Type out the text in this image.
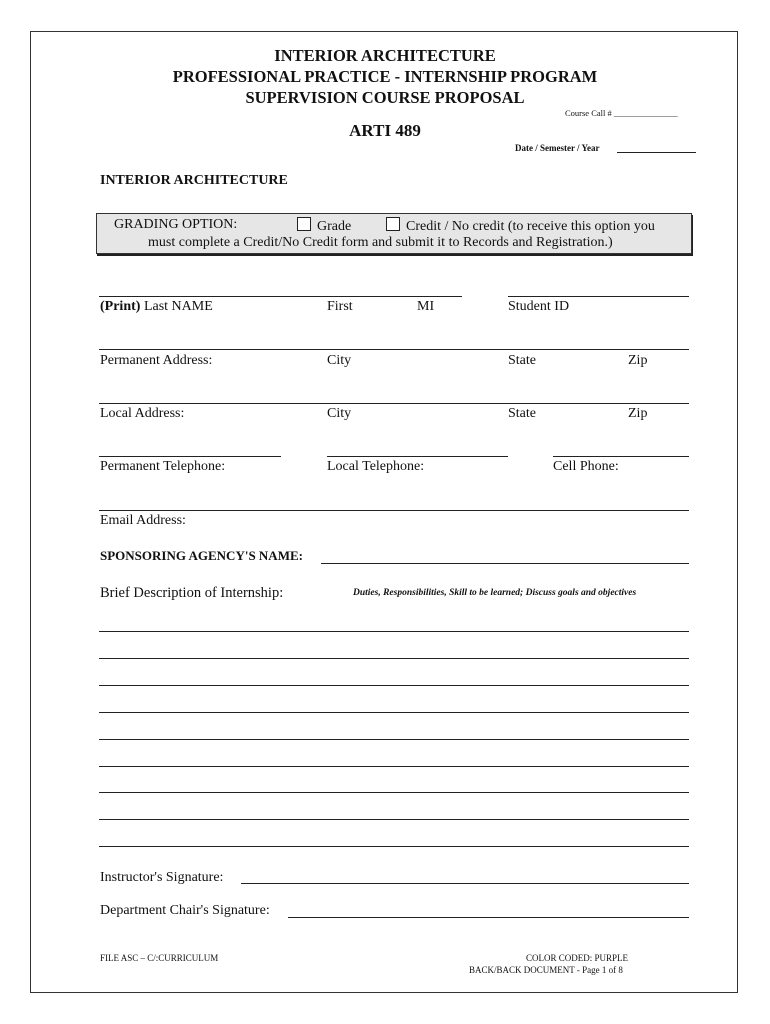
INTERIOR ARCHITECTURE
PROFESSIONAL PRACTICE - INTERNSHIP PROGRAM
SUPERVISION COURSE PROPOSAL
Course Call # _______________
ARTI 489
Date / Semester / Year
INTERIOR ARCHITECTURE
GRADING OPTION:	Grade	Credit / No credit (to receive this option you
must complete a Credit/No Credit form and submit it to Records and Registration.)
(Print) Last NAME	First	MI	Student ID
Permanent Address:	City	State	Zip
Local Address:	City	State	Zip
Permanent Telephone:	Local Telephone:	Cell Phone:
Email Address:
SPONSORING AGENCY'S NAME:
Brief Description of Internship:	Duties, Responsibilities, Skill to be learned; Discuss goals and objectives
Instructor's Signature:
Department Chair's Signature:
FILE ASC – C/:CURRICULUM	COLOR CODED: PURPLE
BACK/BACK DOCUMENT - Page 1 of 8
